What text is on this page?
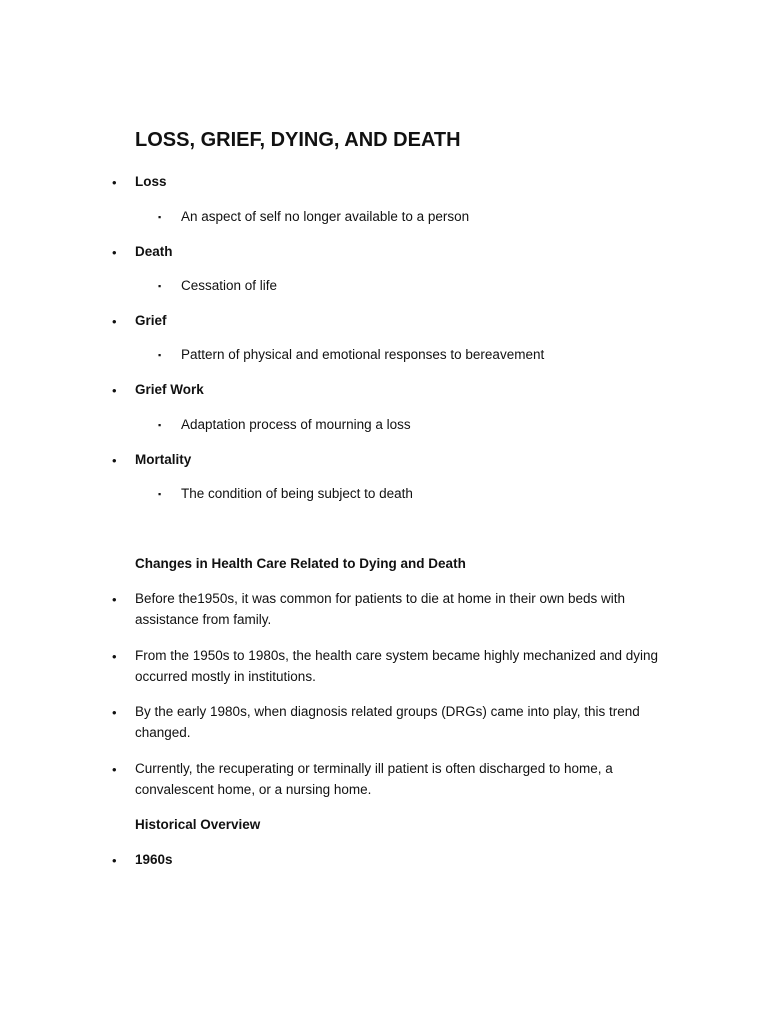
LOSS, GRIEF, DYING, AND DEATH
• Loss
▪ An aspect of self no longer available to a person
• Death
▪ Cessation of life
• Grief
▪ Pattern of physical and emotional responses to bereavement
• Grief Work
▪ Adaptation process of mourning a loss
• Mortality
▪ The condition of being subject to death
Changes in Health Care Related to Dying and Death
• Before the1950s, it was common for patients to die at home in their own beds with assistance from family.
• From the 1950s to 1980s, the health care system became highly mechanized and dying occurred mostly in institutions.
• By the early 1980s, when diagnosis related groups (DRGs) came into play, this trend changed.
• Currently, the recuperating or terminally ill patient is often discharged to home, a convalescent home, or a nursing home.
Historical Overview
• 1960s
